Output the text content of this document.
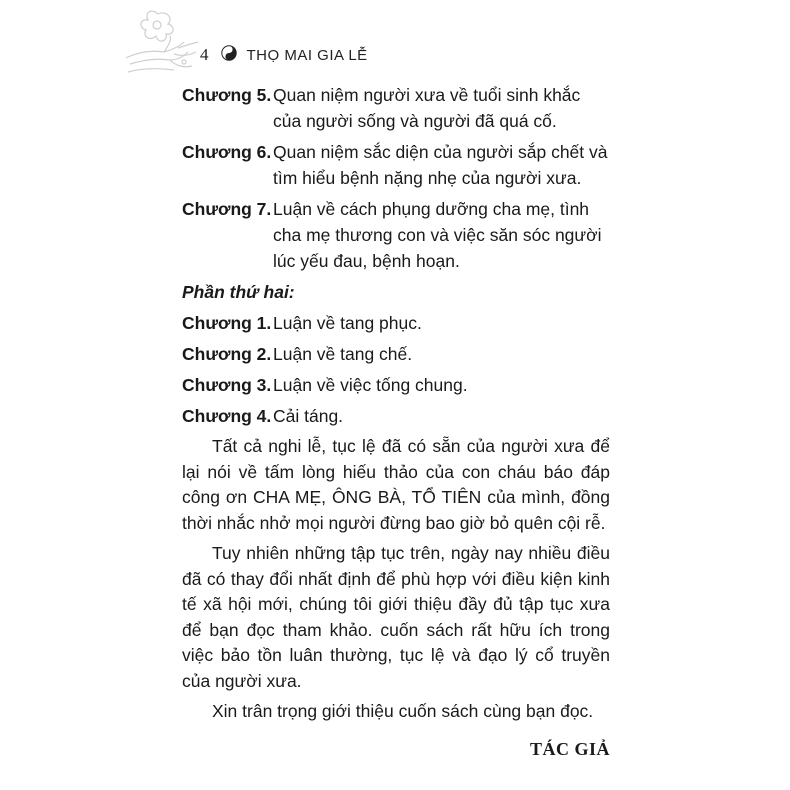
4	THỌ MAI GIA LỄ
Chương 5. Quan niệm người xưa về tuổi sinh khắc của người sống và người đã quá cố.
Chương 6. Quan niệm sắc diện của người sắp chết và tìm hiểu bệnh nặng nhẹ của người xưa.
Chương 7. Luận về cách phụng dưỡng cha mẹ, tình cha mẹ thương con và việc săn sóc người lúc yếu đau, bệnh hoạn.
Phần thứ hai:
Chương 1. Luận về tang phục.
Chương 2. Luận về tang chế.
Chương 3. Luận về việc tống chung.
Chương 4. Cải táng.

Tất cả nghi lễ, tục lệ đã có sẵn của người xưa để lại nói về tấm lòng hiếu thảo của con cháu báo đáp công ơn CHA MẸ, ÔNG BÀ, TỔ TIÊN của mình, đồng thời nhắc nhở mọi người đừng bao giờ bỏ quên cội rễ.

Tuy nhiên những tập tục trên, ngày nay nhiều điều đã có thay đổi nhất định để phù hợp với điều kiện kinh tế xã hội mới, chúng tôi giới thiệu đầy đủ tập tục xưa để bạn đọc tham khảo. cuốn sách rất hữu ích trong việc bảo tồn luân thường, tục lệ và đạo lý cổ truyền của người xưa.

Xin trân trọng giới thiệu cuốn sách cùng bạn đọc.

TÁC GIẢ
